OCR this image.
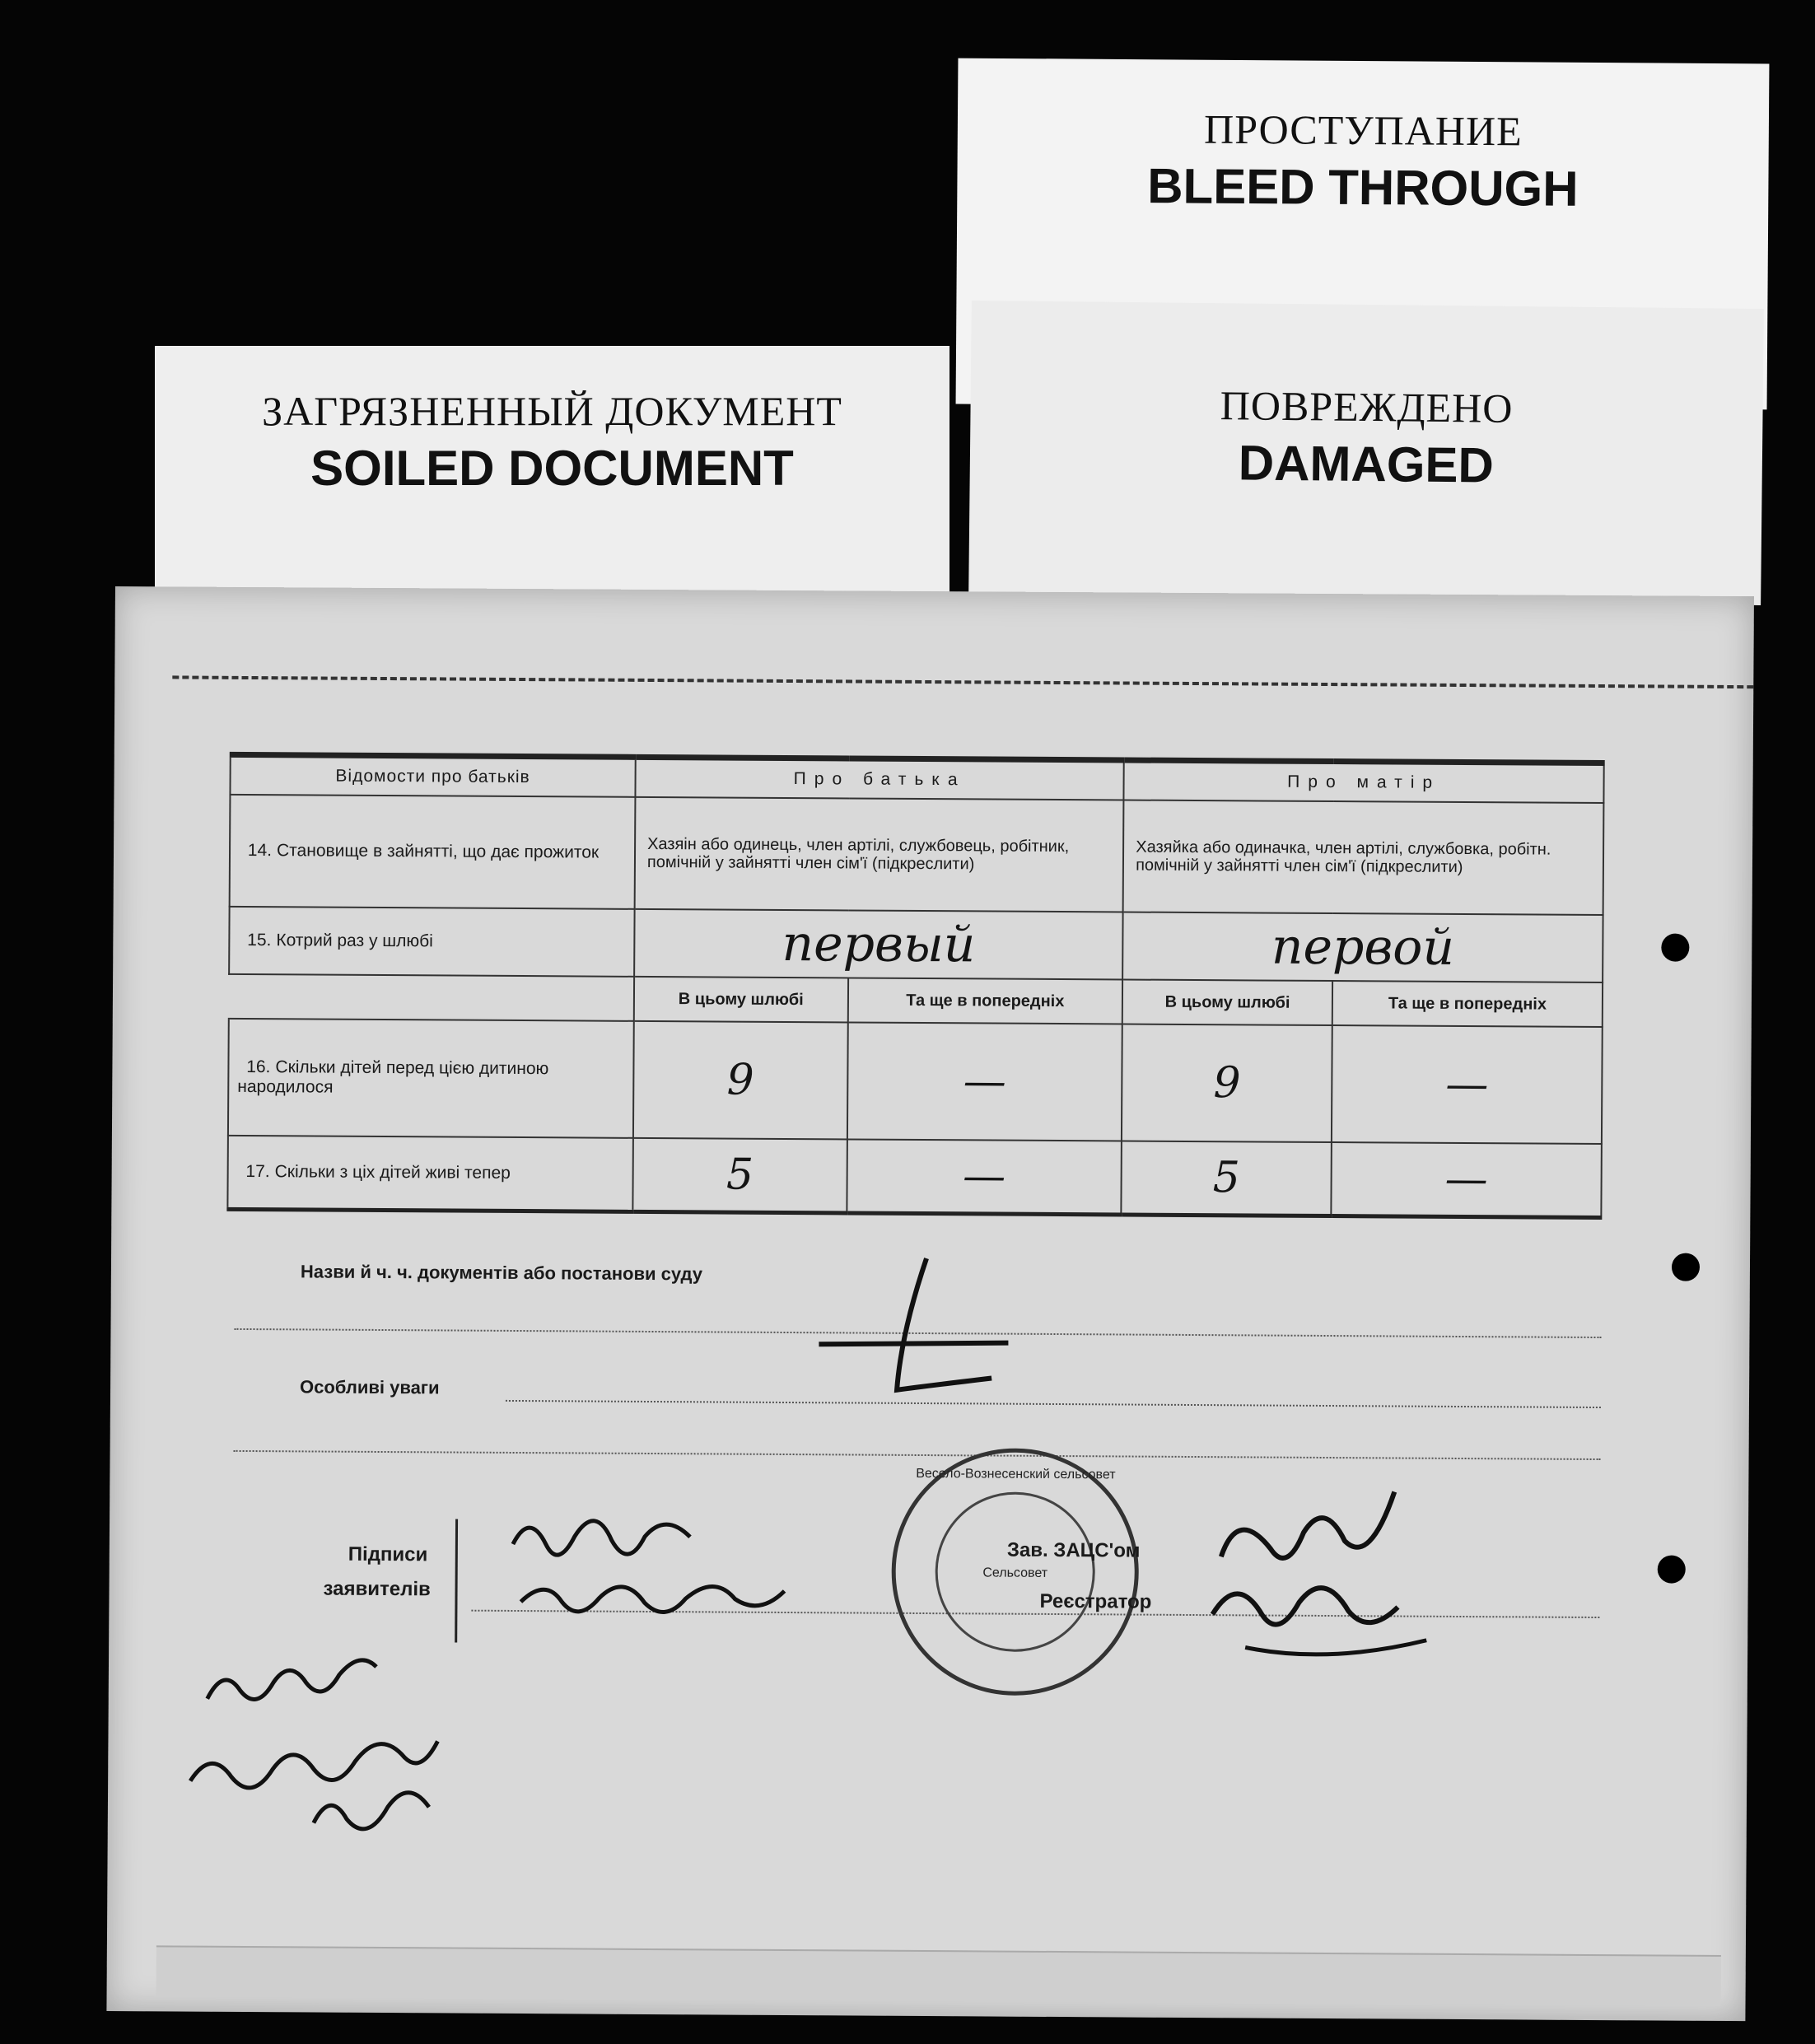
ПРОСТУПАНИЕ
BLEED THROUGH
ПОВРЕЖДЕНО
DAMAGED
ЗАГРЯЗНЕННЫЙ ДОКУМЕНТ
SOILED DOCUMENT
Відомости про батьків	Про батька		Про матір	
14. Становище в зайнятті, що дає прожиток	Хазяін або одинець, член артілі, службовець, робітник, помічній у зайнятті член сім'ї (підкреслити)		Хазяйка або одиначка, член артілі, службовка, робітн. помічній у зайнятті член сім'ї (підкреслити)	
15. Котрий раз у шлюбі	первый		первой	
	В цьому шлюбі	Та ще в попередніх	В цьому шлюбі	Та ще в попередніх
16. Скільки дітей перед цією дитиною народилося	9	—	9	—

17. Скільки з ціх дітей живі тепер	5	—	5	—
Назви й ч. ч. документів або постанови суду
Особливі уваги
Підписи
заявителів
Весело-Вознесенский сельсовет
Сельсовет
Зав. ЗАЦС'ом
Реєстратор
